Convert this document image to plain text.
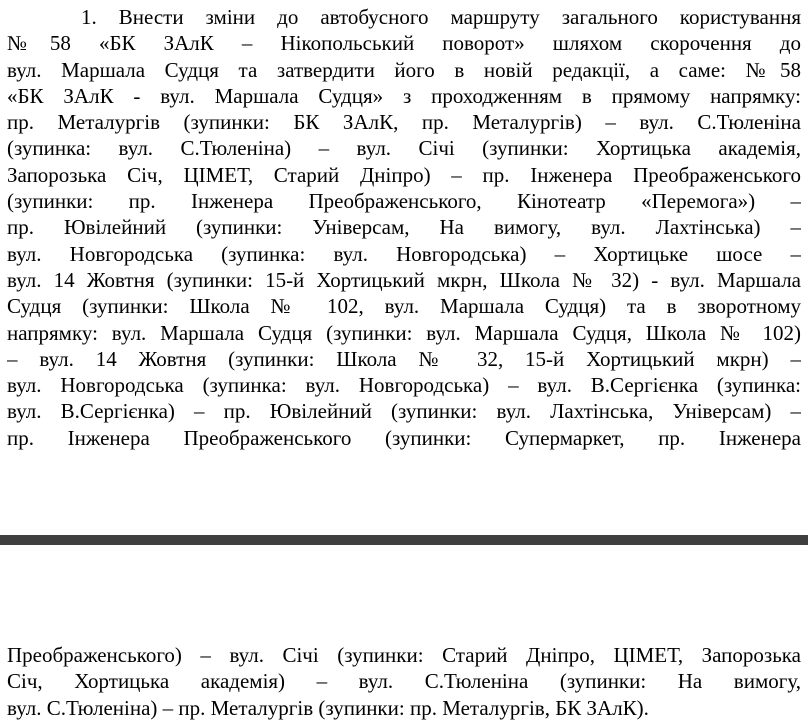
1. Внести зміни до автобусного маршруту загального користування
№58 «БК ЗАлК – Нікопольський поворот» шляхом скорочення до
вул. Маршала Судця та затвердити його в новій редакції, а саме: №58
«БК ЗАлК - вул. Маршала Судця» з проходженням в прямому напрямку:
пр. Металургів (зупинки: БК ЗАлК, пр. Металургів) – вул. С.Тюленіна
(зупинка: вул. С.Тюленіна) – вул. Січі (зупинки: Хортицька академія,
Запорозька Січ, ЦІМЕТ, Старий Дніпро) – пр. Інженера Преображенського
(зупинки: пр. Інженера Преображенського, Кінотеатр «Перемога») –
пр. Ювілейний (зупинки: Універсам, На вимогу, вул. Лахтінська) –
вул. Новгородська (зупинка: вул. Новгородська) – Хортицьке шосе –
вул. 14 Жовтня (зупинки: 15-й Хортицький мкрн, Школа № 32) - вул. Маршала
Судця (зупинки: Школа № 102, вул. Маршала Судця) та в зворотному
напрямку: вул. Маршала Судця (зупинки: вул. Маршала Судця, Школа № 102)
– вул. 14 Жовтня (зупинки: Школа № 32, 15-й Хортицький мкрн) –
вул. Новгородська (зупинка: вул. Новгородська) – вул. В.Сергієнка (зупинка:
вул. В.Сергієнка) – пр. Ювілейний (зупинки: вул. Лахтінська, Універсам) –
пр. Інженера Преображенського (зупинки: Супермаркет, пр. Інженера
Преображенського) – вул. Січі (зупинки: Старий Дніпро, ЦІМЕТ, Запорозька
Січ, Хортицька академія) – вул. С.Тюленіна (зупинки: На вимогу,
вул. С.Тюленіна) – пр. Металургів (зупинки: пр. Металургів, БК ЗАлК).
